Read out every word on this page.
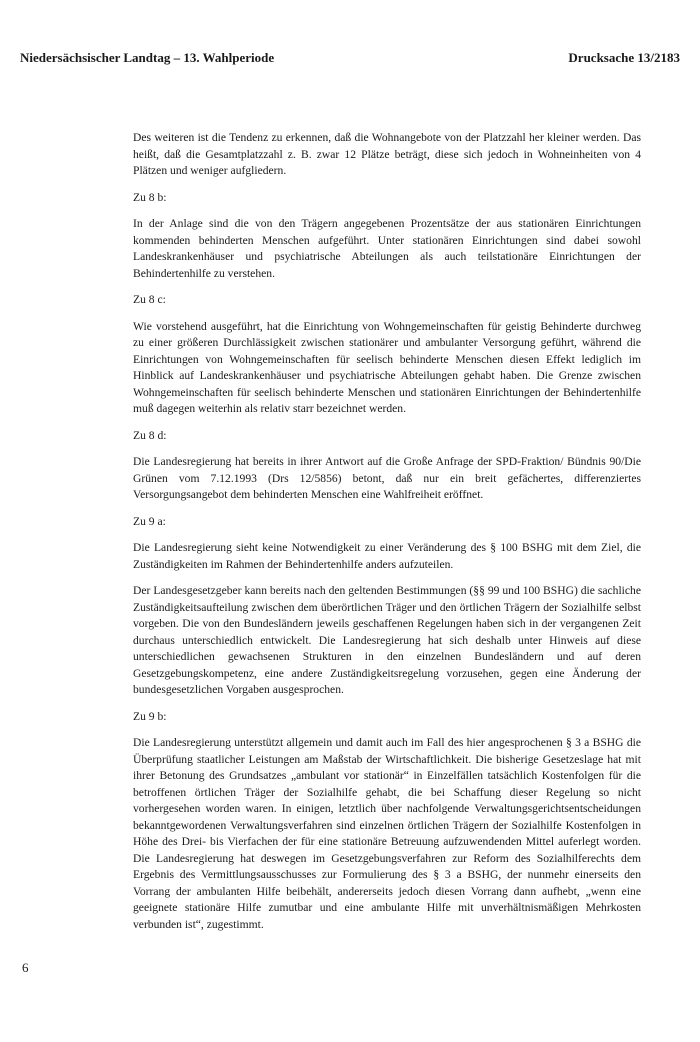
Niedersächsischer Landtag – 13. Wahlperiode	Drucksache 13/2183

Des weiteren ist die Tendenz zu erkennen, daß die Wohnangebote von der Platzzahl her kleiner werden. Das heißt, daß die Gesamtplatzzahl z. B. zwar 12 Plätze beträgt, diese sich jedoch in Wohneinheiten von 4 Plätzen und weniger aufgliedern.

Zu 8 b:

In der Anlage sind die von den Trägern angegebenen Prozentsätze der aus stationären Einrichtungen kommenden behinderten Menschen aufgeführt. Unter stationären Einrichtungen sind dabei sowohl Landeskrankenhäuser und psychiatrische Abteilungen als auch teilstationäre Einrichtungen der Behindertenhilfe zu verstehen.

Zu 8 c:

Wie vorstehend ausgeführt, hat die Einrichtung von Wohngemeinschaften für geistig Behinderte durchweg zu einer größeren Durchlässigkeit zwischen stationärer und ambulanter Versorgung geführt, während die Einrichtungen von Wohngemeinschaften für seelisch behinderte Menschen diesen Effekt lediglich im Hinblick auf Landeskrankenhäuser und psychiatrische Abteilungen gehabt haben. Die Grenze zwischen Wohngemeinschaften für seelisch behinderte Menschen und stationären Einrichtungen der Behindertenhilfe muß dagegen weiterhin als relativ starr bezeichnet werden.

Zu 8 d:

Die Landesregierung hat bereits in ihrer Antwort auf die Große Anfrage der SPD-Fraktion/ Bündnis 90/Die Grünen vom 7.12.1993 (Drs 12/5856) betont, daß nur ein breit gefächertes, differenziertes Versorgungsangebot dem behinderten Menschen eine Wahlfreiheit eröffnet.

Zu 9 a:

Die Landesregierung sieht keine Notwendigkeit zu einer Veränderung des § 100 BSHG mit dem Ziel, die Zuständigkeiten im Rahmen der Behindertenhilfe anders aufzuteilen.

Der Landesgesetzgeber kann bereits nach den geltenden Bestimmungen (§§ 99 und 100 BSHG) die sachliche Zuständigkeitsaufteilung zwischen dem überörtlichen Träger und den örtlichen Trägern der Sozialhilfe selbst vorgeben. Die von den Bundesländern jeweils geschaffenen Regelungen haben sich in der vergangenen Zeit durchaus unterschiedlich entwickelt. Die Landesregierung hat sich deshalb unter Hinweis auf diese unterschiedlichen gewachsenen Strukturen in den einzelnen Bundesländern und auf deren Gesetzgebungskompetenz, eine andere Zuständigkeitsregelung vorzusehen, gegen eine Änderung der bundesgesetzlichen Vorgaben ausgesprochen.

Zu 9 b:

Die Landesregierung unterstützt allgemein und damit auch im Fall des hier angesprochenen § 3 a BSHG die Überprüfung staatlicher Leistungen am Maßstab der Wirtschaftlichkeit. Die bisherige Gesetzeslage hat mit ihrer Betonung des Grundsatzes „ambulant vor stationär“ in Einzelfällen tatsächlich Kostenfolgen für die betroffenen örtlichen Träger der Sozialhilfe gehabt, die bei Schaffung dieser Regelung so nicht vorhergesehen worden waren. In einigen, letztlich über nachfolgende Verwaltungsgerichtsentscheidungen bekanntgewordenen Verwaltungsverfahren sind einzelnen örtlichen Trägern der Sozialhilfe Kostenfolgen in Höhe des Drei- bis Vierfachen der für eine stationäre Betreuung aufzuwendenden Mittel auferlegt worden. Die Landesregierung hat deswegen im Gesetzgebungsverfahren zur Reform des Sozialhilferechts dem Ergebnis des Vermittlungsausschusses zur Formulierung des § 3 a BSHG, der nunmehr einerseits den Vorrang der ambulanten Hilfe beibehält, andererseits jedoch diesen Vorrang dann aufhebt, „wenn eine geeignete stationäre Hilfe zumutbar und eine ambulante Hilfe mit unverhältnismäßigen Mehrkosten verbunden ist“, zugestimmt.

6
